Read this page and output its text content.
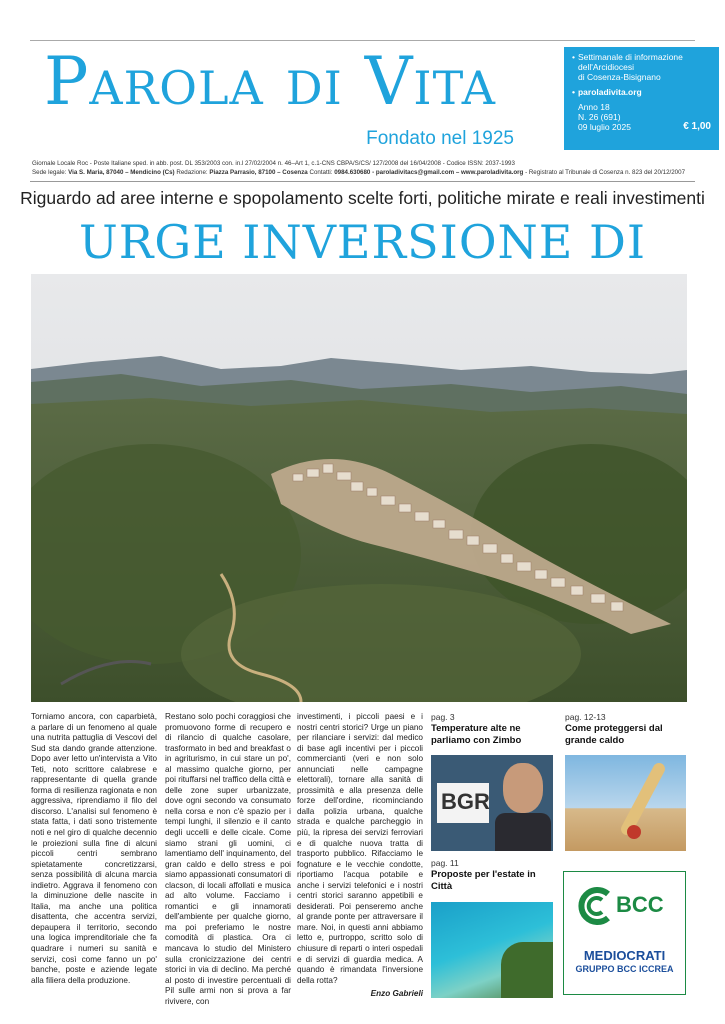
Parola di Vita
Fondato nel 1925
• Settimanale di informazione
dell'Arcidiocesi
di Cosenza-Bisignano
• paroladivita.org
Anno 18
N. 26 (691)
09 luglio 2025	€ 1,00
Giornale Locale Roc - Poste Italiane sped. in abb. post. DL 353/2003 con. in.l 27/02/2004 n. 46–Art 1, c.1-CNS CBPA/S/CS/ 127/2008 del 16/04/2008 - Codice ISSN: 2037-1993
Sede legale: Via S. Maria, 87040 – Mendicino (Cs) Redazione: Piazza Parrasio, 87100 – Cosenza Contatti: 0984.630680 - paroladivitacs@gmail.com – www.paroladivita.org - Registrato al Tribunale di Cosenza n. 823 del 20/12/2007
Riguardo ad aree interne e spopolamento scelte forti, politiche mirate e reali investimenti
URGE INVERSIONE DI

Torniamo ancora, con caparbietà, a parlare di un fenomeno al quale una nutrita pattuglia di Vescovi del Sud sta dando grande attenzione. Dopo aver letto un'intervista a Vito Teti, noto scrittore calabrese e rappresentante di quella grande forma di resilienza ragionata e non aggressiva, riprendiamo il filo del discorso. L'analisi sul fenomeno è stata fatta, i dati sono tristemente noti e nel giro di qualche decennio le proiezioni sulla fine di alcuni piccoli centri sembrano spietatamente concretizzarsi, senza possibilità di alcuna marcia indietro. Aggrava il fenomeno con la diminuzione delle nascite in Italia, ma anche una politica disattenta, che accentra servizi, depaupera il territorio, secondo una logica imprenditoriale che fa quadrare i numeri su sanità e servizi, così come fanno un po' banche, poste e aziende legate alla filiera della produzione.

Restano solo pochi coraggiosi che promuovono forme di recupero e di rilancio di qualche casolare, trasformato in bed and breakfast o in agriturismo, in cui stare un po', al massimo qualche giorno, per poi rituffarsi nel traffico della città e delle zone super urbanizzate, dove ogni secondo va consumato nella corsa e non c'è spazio per i tempi lunghi, il silenzio e il canto degli uccelli e delle cicale. Come siamo strani gli uomini, ci lamentiamo dell' inquinamento, del gran caldo e dello stress e poi siamo appassionati consumatori di clacson, di locali affollati e musica ad alto volume. Facciamo i romantici e gli innamorati dell'ambiente per qualche giorno, ma poi preferiamo le nostre comodità di plastica. Ora ci mancava lo studio del Ministero sulla cronicizzazione dei centri storici in via di declino. Ma perché al posto di investire percentuali di Pil sulle armi non si prova a far rivivere, con

investimenti, i piccoli paesi e i nostri centri storici? Urge un piano per rilanciare i servizi: dal medico di base agli incentivi per i piccoli commercianti (veri e non solo annunciati nelle campagne elettorali), tornare alla sanità di prossimità e alla presenza delle forze dell'ordine, ricominciando dalla polizia urbana, qualche strada e qualche parcheggio in più, la ripresa dei servizi ferroviari e di qualche nuova tratta di trasporto pubblico. Rifacciamo le fognature e le vecchie condotte, riportiamo l'acqua potabile e anche i servizi telefonici e i nostri centri storici saranno appetibili e desiderati. Poi penseremo anche al grande ponte per attraversare il mare. Noi, in questi anni abbiamo letto e, purtroppo, scritto solo di chiusure di reparti o interi ospedali e di servizi di guardia medica. A quando è rimandata l'inversione della rotta?

Enzo Gabrieli
pag. 3
Temperature alte ne parliamo con Zimbo
BGR
pag. 12-13
Come proteggersi dal grande caldo
pag. 11
Proposte per l'estate in Città
BCC
MEDIOCRATI
GRUPPO BCC ICCREA
